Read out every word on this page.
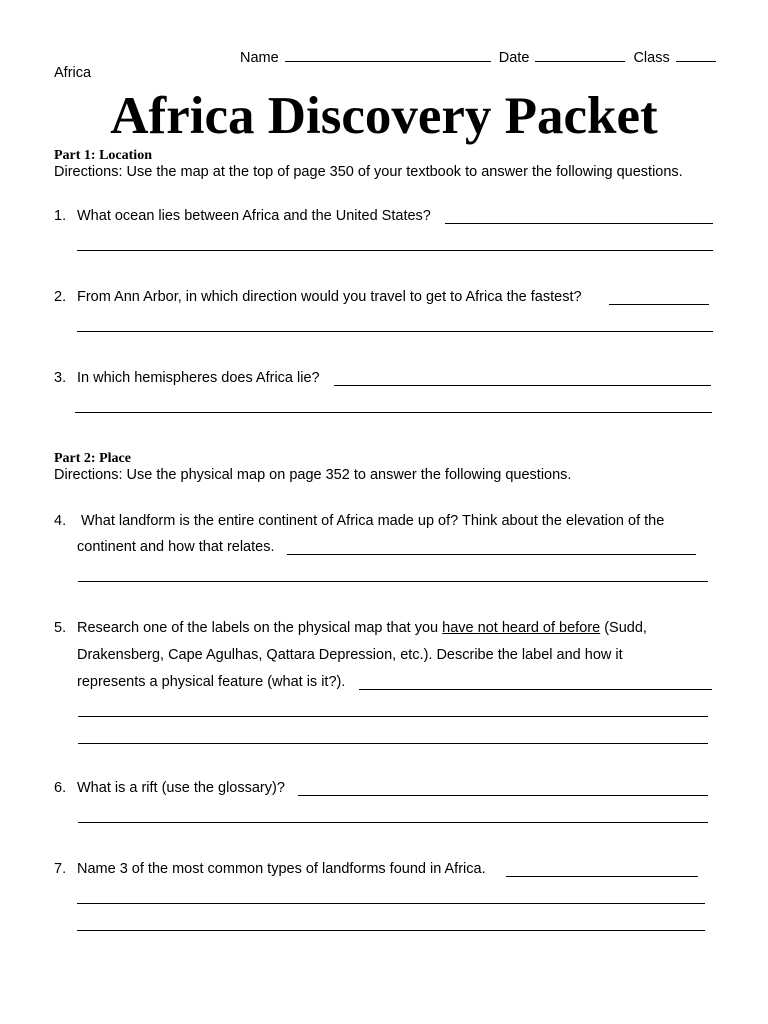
Name	Date	Class
Africa
Africa Discovery Packet
Part 1: Location
Directions: Use the map at the top of page 350 of your textbook to answer the following questions.
1. What ocean lies between Africa and the United States?
2. From Ann Arbor, in which direction would you travel to get to Africa the fastest?
3. In which hemispheres does Africa lie?
Part 2: Place
Directions: Use the physical map on page 352 to answer the following questions.
4. What landform is the entire continent of Africa made up of? Think about the elevation of the
continent and how that relates.
5. Research one of the labels on the physical map that you have not heard of before (Sudd,
Drakensberg, Cape Agulhas, Qattara Depression, etc.). Describe the label and how it
represents a physical feature (what is it?).
6. What is a rift (use the glossary)?
7. Name 3 of the most common types of landforms found in Africa.
